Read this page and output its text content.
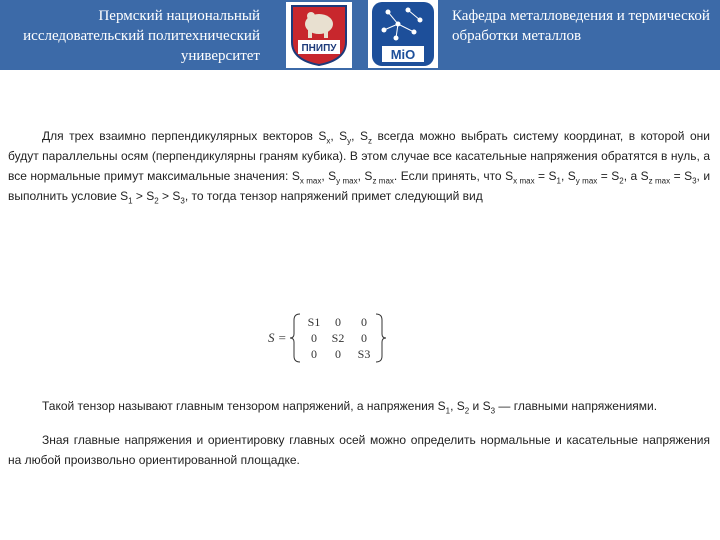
Пермский национальный исследовательский политехнический университет	ПНИПУ	MiO
Кафедра металловедения и термической обработки металлов
Для трех взаимно перпендикулярных векторов $S_x$, $S_y$, $S_z$ всегда можно выбрать систему координат, в которой они будут параллельны осям (перпендикулярны граням кубика). В этом случае все касательные напряжения обратятся в нуль, а все нормальные примут максимальные значения: $S_{x max}$, $S_{y max}$, $S_{z max}$. Если принять, что $S_{x max} = S_1$, $S_{y max} = S_2$, а $S_{z max} = S_3$, и выполнить условие $S_1 > S_2 > S_3$, то тогда тензор напряжений примет следующий вид
S =
S1 0 0
0 S2 0
0 0 S3
Такой тензор называют главным тензором напряжений, а напряжения $S_1$, $S_2$ и $S_3$ — главными напряжениями.
Зная главные напряжения и ориентировку главных осей можно определить нормальные и касательные напряжения на любой произвольно ориентированной площадке.
